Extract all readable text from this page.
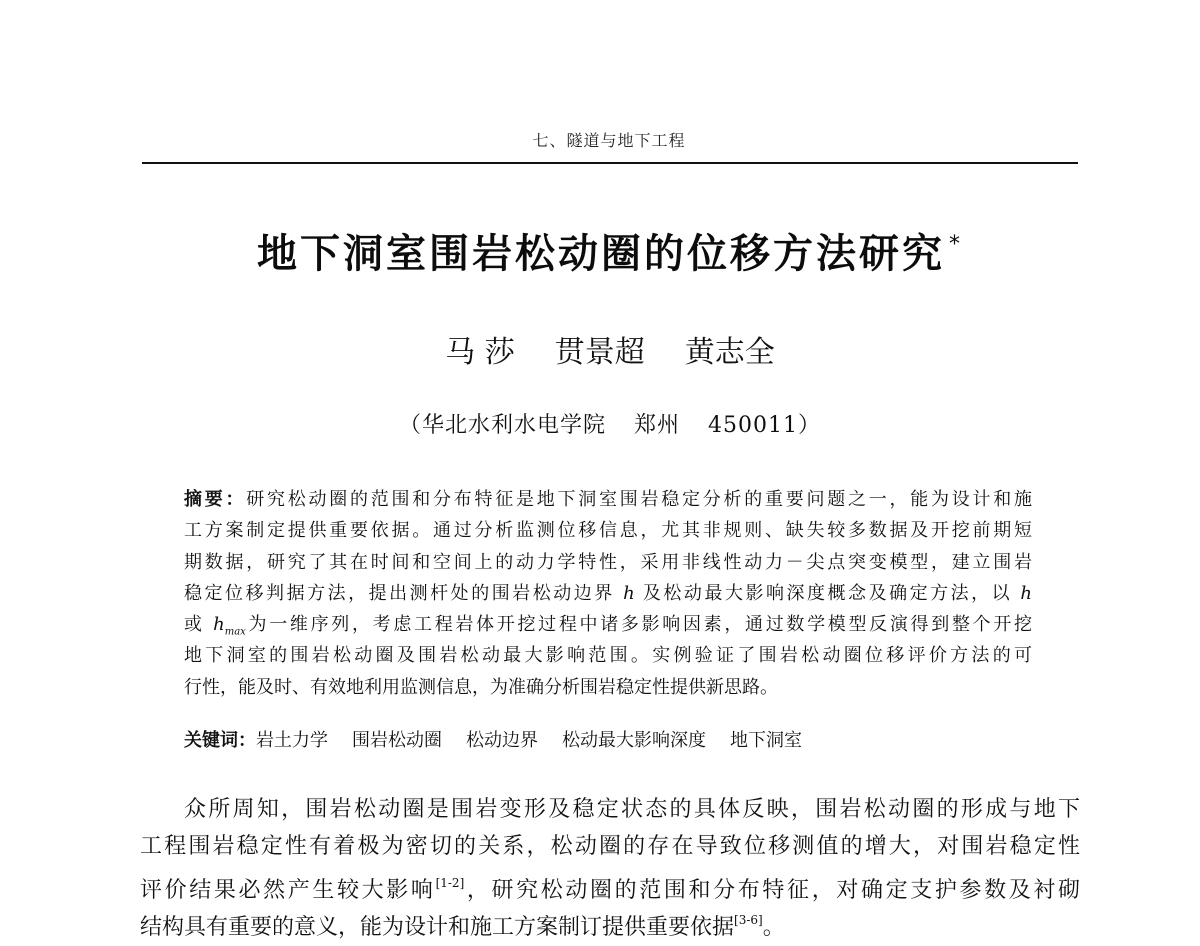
七、隧道与地下工程
地下洞室围岩松动圈的位移方法研究 *
马 莎 贯景超 黄志全
（华北水利水电学院 郑州 450011）
摘要：研究松动圈的范围和分布特征是地下洞室围岩稳定分析的重要问题之一，能为设计和施
工方案制定提供重要依据。通过分析监测位移信息，尤其非规则、缺失较多数据及开挖前期短
期数据，研究了其在时间和空间上的动力学特性，采用非线性动力－尖点突变模型，建立围岩
稳定位移判据方法，提出测杆处的围岩松动边界 h 及松动最大影响深度概念及确定方法，以 h
或 $h_{max}$为一维序列，考虑工程岩体开挖过程中诸多影响因素，通过数学模型反演得到整个开挖
地下洞室的围岩松动圈及围岩松动最大影响范围。实例验证了围岩松动圈位移评价方法的可
行性，能及时、有效地利用监测信息，为准确分析围岩稳定性提供新思路。
关键词：岩土力学 围岩松动圈 松动边界 松动最大影响深度 地下洞室
众所周知，围岩松动圈是围岩变形及稳定状态的具体反映，围岩松动圈的形成与地下
工程围岩稳定性有着极为密切的关系，松动圈的存在导致位移测值的增大，对围岩稳定性
评价结果必然产生较大影响[1-2]，研究松动圈的范围和分布特征，对确定支护参数及衬砌
结构具有重要的意义，能为设计和施工方案制订提供重要依据[3-6]。
